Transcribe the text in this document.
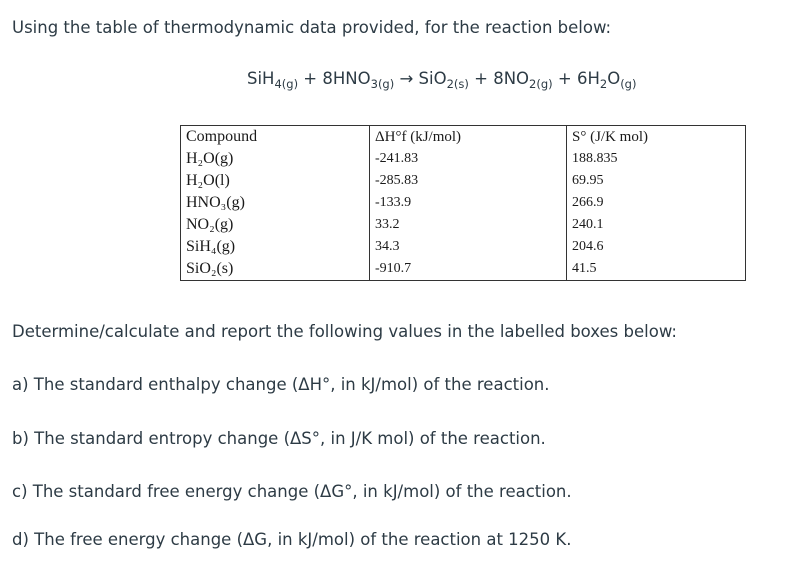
Using the table of thermodynamic data provided, for the reaction below:
$SiH_{4(g)} + 8HNO_{3(g)} \to SiO_{2(s)} + 8NO_{2(g)} + 6H_2O_{(g)}$
Compound	ΔH°f (kJ/mol)	S° (J/K mol)
H₂O(g)	-241.83	188.835
H₂O(l)	-285.83	69.95
HNO₃(g)	-133.9	266.9
NO₂(g)	33.2	240.1
SiH₄(g)	34.3	204.6
SiO₂(s)	-910.7	41.5
Determine/calculate and report the following values in the labelled boxes below:
a) The standard enthalpy change (ΔH°, in kJ/mol) of the reaction.
b) The standard entropy change (ΔS°, in J/K mol) of the reaction.
c) The standard free energy change (ΔG°, in kJ/mol) of the reaction.
d) The free energy change (ΔG, in kJ/mol) of the reaction at 1250 K.
